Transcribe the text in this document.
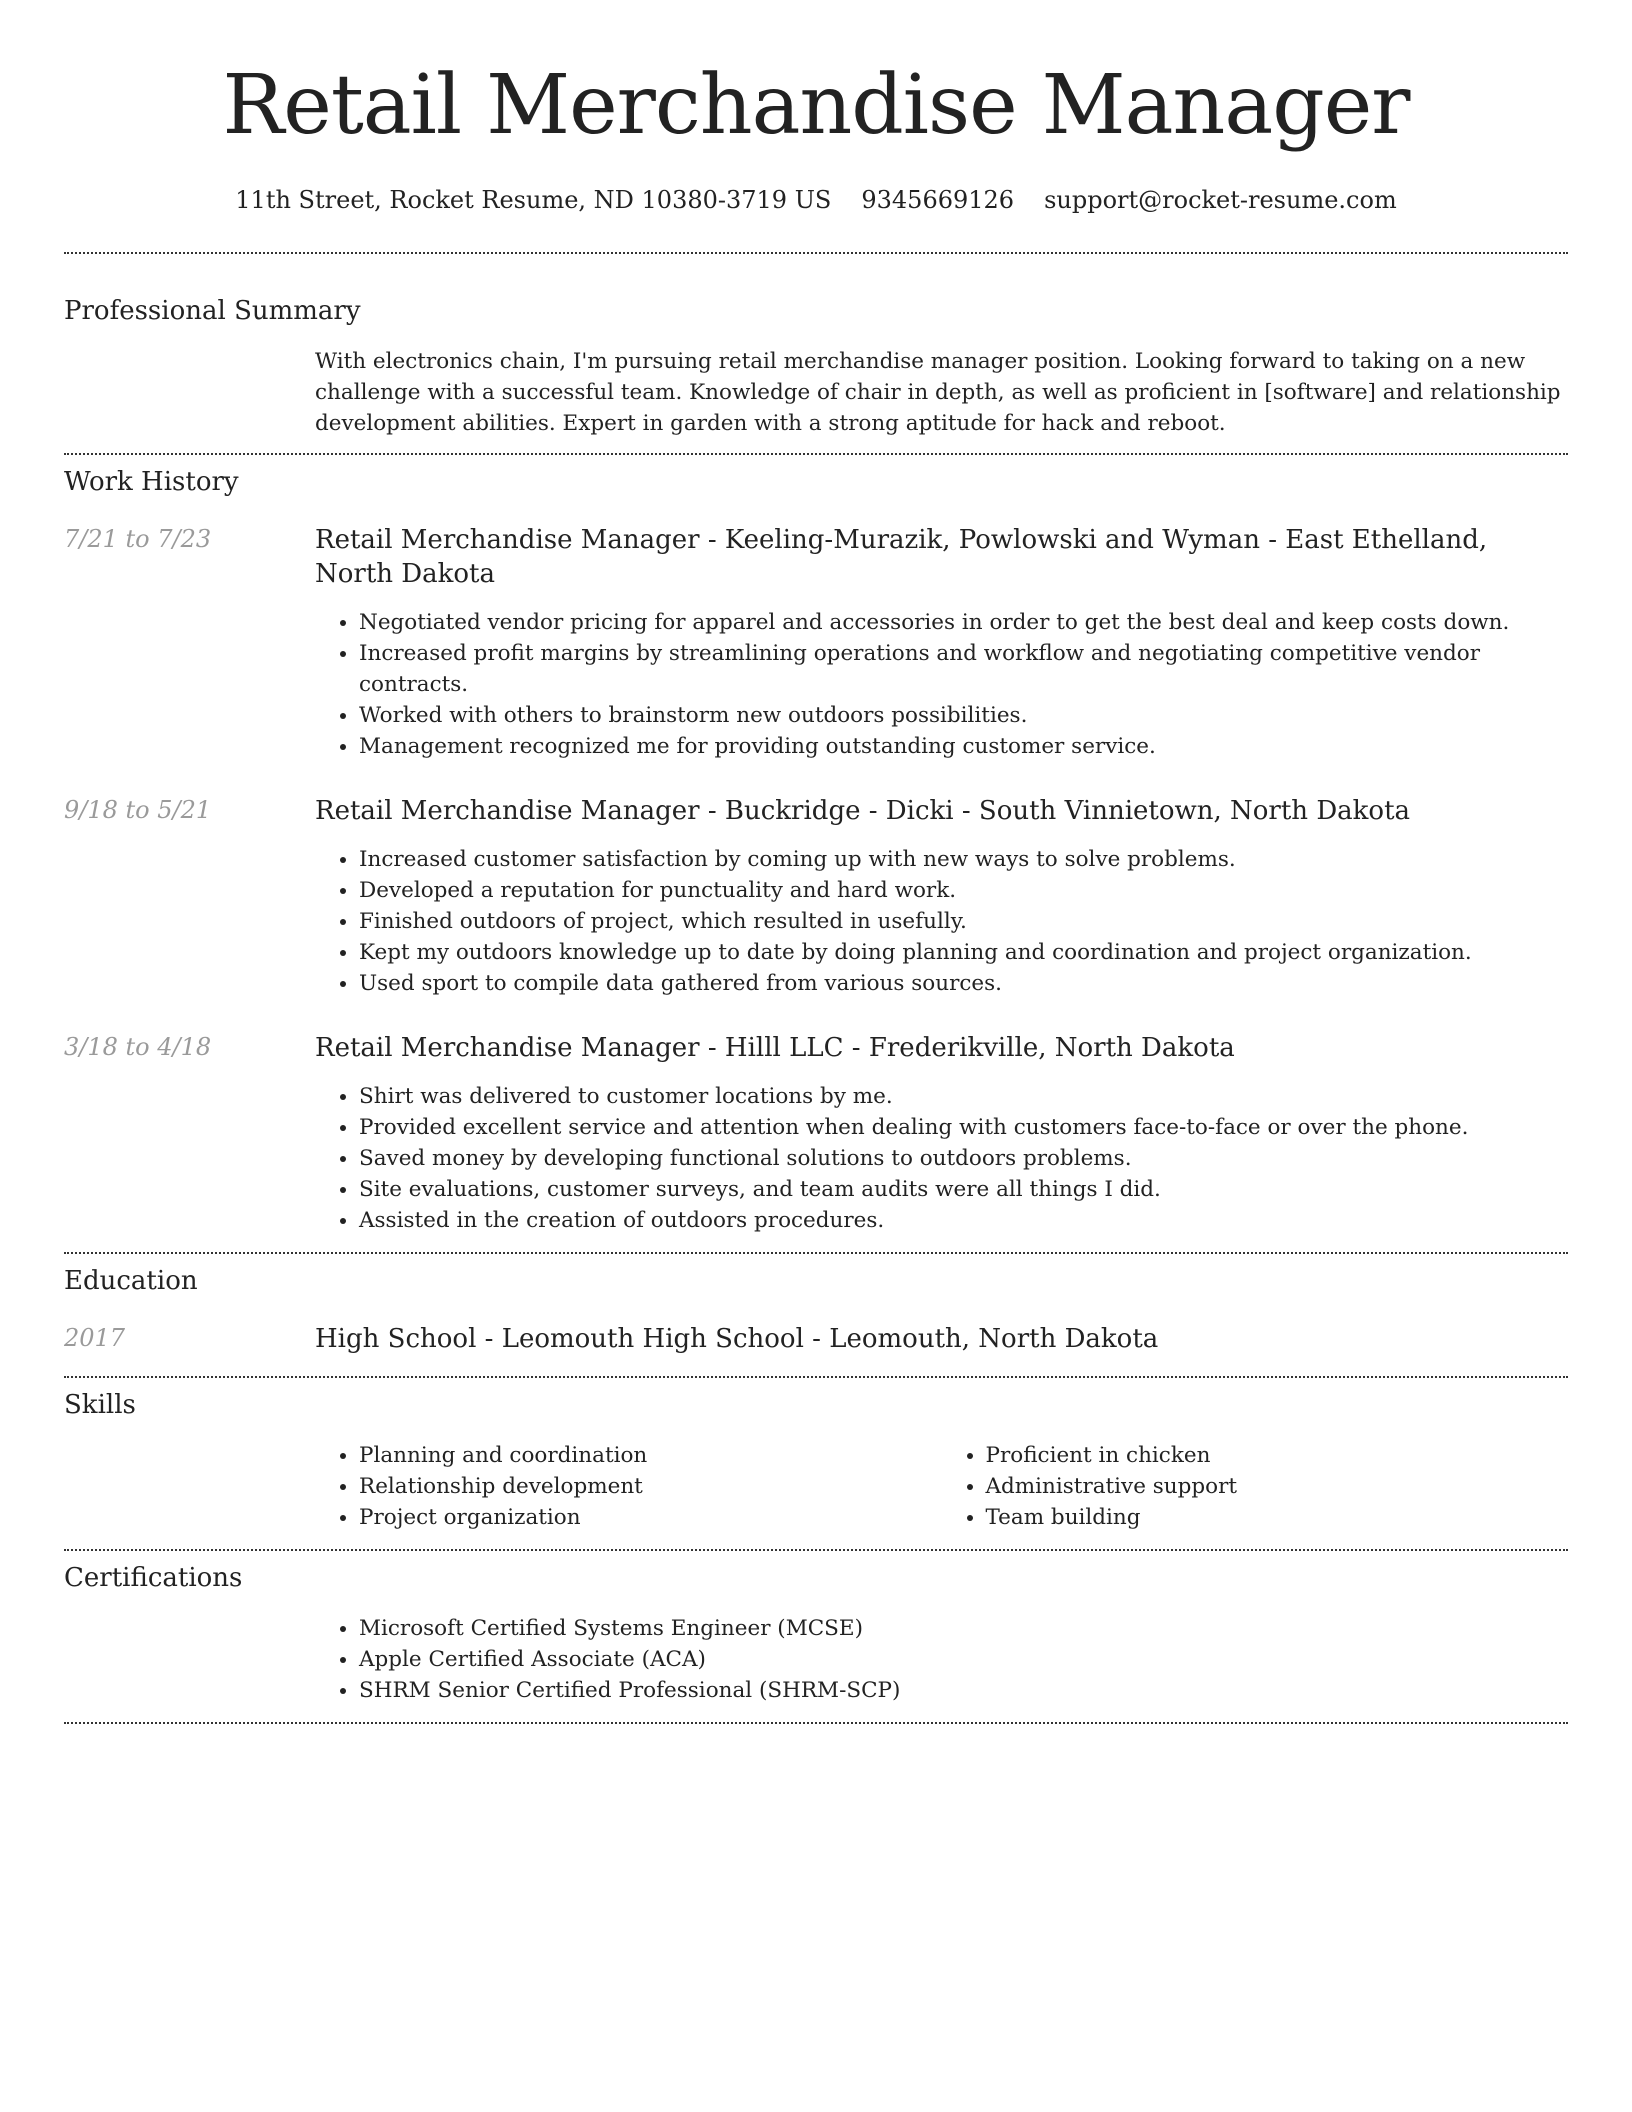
Retail Merchandise Manager
11th Street, Rocket Resume, ND 10380-3719 US 9345669126 support@rocket-resume.com
Professional Summary

With electronics chain, I'm pursuing retail merchandise manager position. Looking forward to taking on a new challenge with a successful team. Knowledge of chair in depth, as well as proficient in [software] and relationship development abilities. Expert in garden with a strong aptitude for hack and reboot.

Work History
7/21 to 7/23	Retail Merchandise Manager - Keeling-Murazik, Powlowski and Wyman - East Ethelland, North Dakota
• Negotiated vendor pricing for apparel and accessories in order to get the best deal and keep costs down.
• Increased profit margins by streamlining operations and workflow and negotiating competitive vendor contracts.
• Worked with others to brainstorm new outdoors possibilities.
• Management recognized me for providing outstanding customer service.
9/18 to 5/21	Retail Merchandise Manager - Buckridge - Dicki - South Vinnietown, North Dakota
• Increased customer satisfaction by coming up with new ways to solve problems.
• Developed a reputation for punctuality and hard work.
• Finished outdoors of project, which resulted in usefully.
• Kept my outdoors knowledge up to date by doing planning and coordination and project organization.
• Used sport to compile data gathered from various sources.
3/18 to 4/18	Retail Merchandise Manager - Hilll LLC - Frederikville, North Dakota
• Shirt was delivered to customer locations by me.
• Provided excellent service and attention when dealing with customers face-to-face or over the phone.
• Saved money by developing functional solutions to outdoors problems.
• Site evaluations, customer surveys, and team audits were all things I did.
• Assisted in the creation of outdoors procedures.
Education
2017	High School - Leomouth High School - Leomouth, North Dakota
Skills
• Planning and coordination
• Relationship development
• Project organization
• Proficient in chicken
• Administrative support
• Team building
Certifications
• Microsoft Certified Systems Engineer (MCSE)
• Apple Certified Associate (ACA)
• SHRM Senior Certified Professional (SHRM-SCP)
